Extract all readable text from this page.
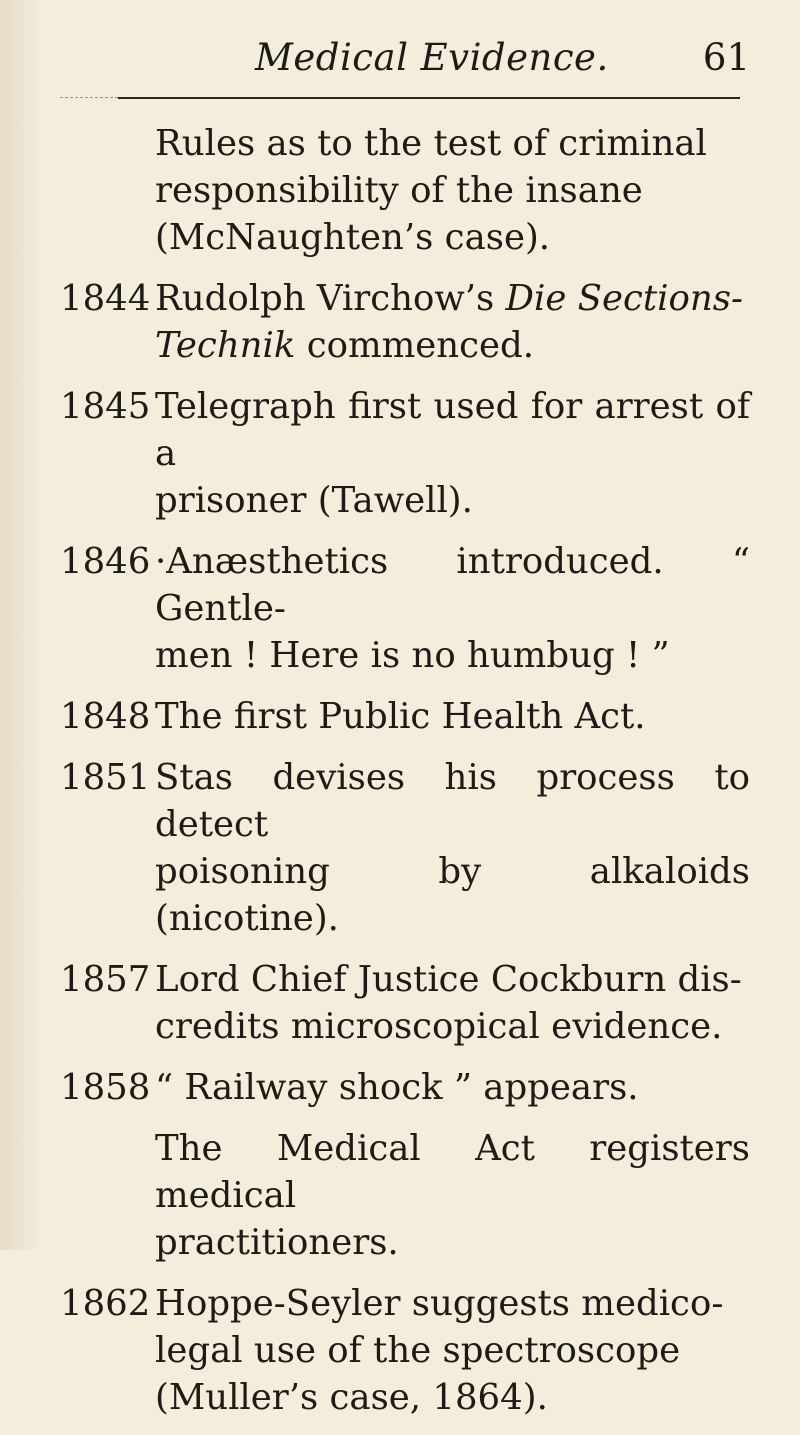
Medical Evidence.	61
Rules as to the test of criminal
responsibility of the insane
(McNaughten’s case).
1844 Rudolph Virchow’s Die Sections-
Technik commenced.
1845 Telegraph first used for arrest of a
prisoner (Tawell).
1846 ·Anæsthetics introduced. “ Gentle-
men ! Here is no humbug ! ”
1848 The first Public Health Act.
1851 Stas devises his process to detect
poisoning by alkaloids (nicotine).
1857 Lord Chief Justice Cockburn dis-
credits microscopical evidence.
1858 “ Railway shock ” appears.
The Medical Act registers medical
practitioners.
1862 Hoppe-Seyler suggests medico-
legal use of the spectroscope
(Muller’s case, 1864).
